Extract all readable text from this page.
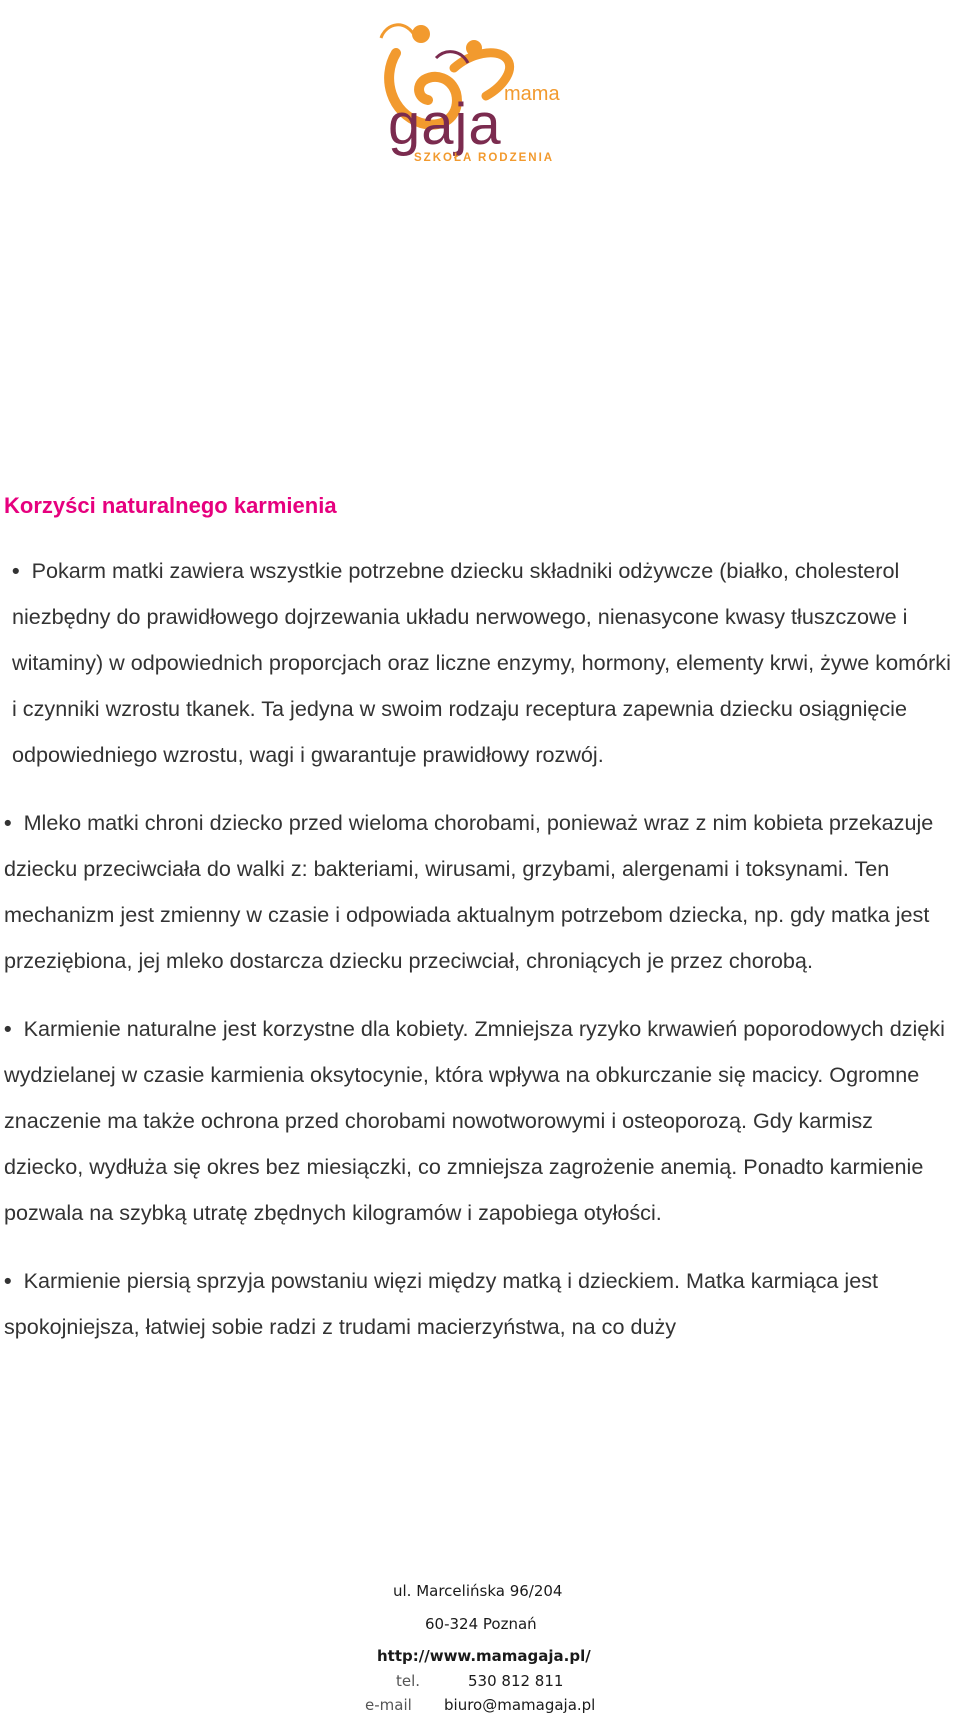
mama
gaja
SZKOŁA RODZENIA
Korzyści naturalnego karmienia

• Pokarm matki zawiera wszystkie potrzebne dziecku składniki odżywcze (białko, cholesterol niezbędny do prawidłowego dojrzewania układu nerwowego, nienasycone kwasy tłuszczowe i witaminy) w odpowiednich proporcjach oraz liczne enzymy, hormony, elementy krwi, żywe komórki i czynniki wzrostu tkanek. Ta jedyna w swoim rodzaju receptura zapewnia dziecku osiągnięcie odpowiedniego wzrostu, wagi i gwarantuje prawidłowy rozwój.

• Mleko matki chroni dziecko przed wieloma chorobami, ponieważ wraz z nim kobieta przekazuje dziecku przeciwciała do walki z: bakteriami, wirusami, grzybami, alergenami i toksynami. Ten mechanizm jest zmienny w czasie i odpowiada aktualnym potrzebom dziecka, np. gdy matka jest przeziębiona, jej mleko dostarcza dziecku przeciwciał, chroniących je przez chorobą.

• Karmienie naturalne jest korzystne dla kobiety. Zmniejsza ryzyko krwawień poporodowych dzięki wydzielanej w czasie karmienia oksytocynie, która wpływa na obkurczanie się macicy. Ogromne znaczenie ma także ochrona przed chorobami nowotworowymi i osteoporozą. Gdy karmisz dziecko, wydłuża się okres bez miesiączki, co zmniejsza zagrożenie anemią. Ponadto karmienie pozwala na szybką utratę zbędnych kilogramów i zapobiega otyłości.

• Karmienie piersią sprzyja powstaniu więzi między matką i dzieckiem. Matka karmiąca jest spokojniejsza, łatwiej sobie radzi z trudami macierzyństwa, na co duży

ul. Marcelińska 96/204
60-324 Poznań
http://www.mamagaja.pl/
tel.	530 812 811
e-mail biuro@mamagaja.pl
